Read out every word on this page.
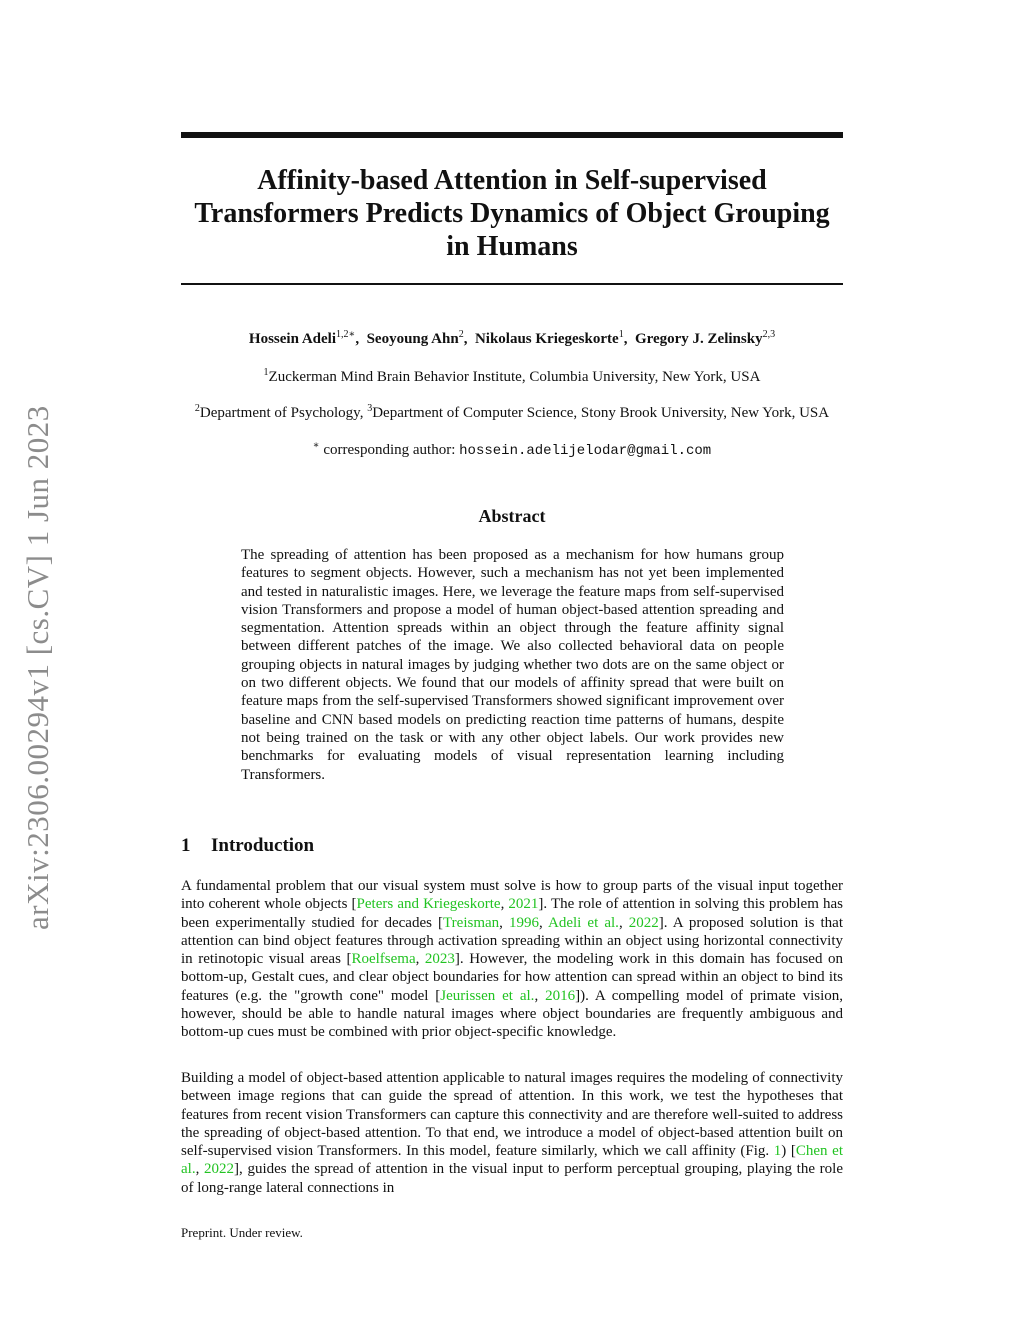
arXiv:2306.00294v1 [cs.CV] 1 Jun 2023
Affinity-based Attention in Self-supervised Transformers Predicts Dynamics of Object Grouping in Humans
Hossein Adeli$^{1,2∗}$,  Seoyoung Ahn$^2$,  Nikolaus Kriegeskorte$^1$,  Gregory J. Zelinsky$^{2,3}$
$^1$Zuckerman Mind Brain Behavior Institute, Columbia University, New York, USA
$^2$Department of Psychology, $^3$Department of Computer Science, Stony Brook University, New York, USA
∗ corresponding author: hossein.adelijelodar@gmail.com
Abstract

The spreading of attention has been proposed as a mechanism for how humans group features to segment objects. However, such a mechanism has not yet been implemented and tested in naturalistic images. Here, we leverage the feature maps from self-supervised vision Transformers and propose a model of human object-based attention spreading and segmentation. Attention spreads within an object through the feature affinity signal between different patches of the image. We also collected behavioral data on people grouping objects in natural images by judging whether two dots are on the same object or on two different objects. We found that our models of affinity spread that were built on feature maps from the self-supervised Transformers showed significant improvement over baseline and CNN based models on predicting reaction time patterns of humans, despite not being trained on the task or with any other object labels. Our work provides new benchmarks for evaluating models of visual representation learning including Transformers.

1 Introduction

A fundamental problem that our visual system must solve is how to group parts of the visual input together into coherent whole objects [Peters and Kriegeskorte, 2021]. The role of attention in solving this problem has been experimentally studied for decades [Treisman, 1996, Adeli et al., 2022]. A proposed solution is that attention can bind object features through activation spreading within an object using horizontal connectivity in retinotopic visual areas [Roelfsema, 2023]. However, the modeling work in this domain has focused on bottom-up, Gestalt cues, and clear object boundaries for how attention can spread within an object to bind its features (e.g. the "growth cone" model [Jeurissen et al., 2016]). A compelling model of primate vision, however, should be able to handle natural images where object boundaries are frequently ambiguous and bottom-up cues must be combined with prior object-specific knowledge.

Building a model of object-based attention applicable to natural images requires the modeling of connectivity between image regions that can guide the spread of attention. In this work, we test the hypotheses that features from recent vision Transformers can capture this connectivity and are therefore well-suited to address the spreading of object-based attention. To that end, we introduce a model of object-based attention built on self-supervised vision Transformers. In this model, feature similarly, which we call affinity (Fig. 1) [Chen et al., 2022], guides the spread of attention in the visual input to perform perceptual grouping, playing the role of long-range lateral connections in

Preprint. Under review.
